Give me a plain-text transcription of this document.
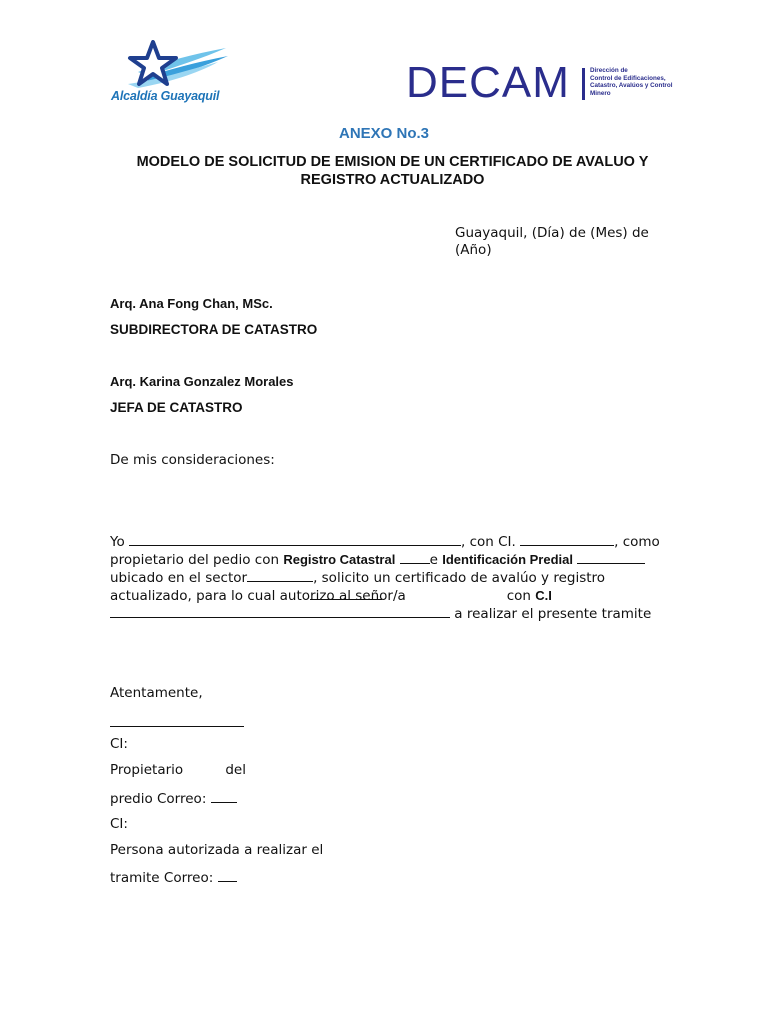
Alcaldía Guayaquil	DECAM	Dirección de
Control de Edificaciones,
Catastro, Avalúos y Control
Minero
ANEXO No.3
MODELO DE SOLICITUD DE EMISION DE UN CERTIFICADO DE AVALUO Y
REGISTRO ACTUALIZADO
Guayaquil, (Día) de (Mes) de
(Año)
Arq. Ana Fong Chan, MSc.
SUBDIRECTORA DE CATASTRO
Arq. Karina Gonzalez Morales
JEFA DE CATASTRO
De mis consideraciones:
Yo	, con CI.	, como
propietario del pedio con Registro Catastral	e Identificación Predial
ubicado en el sector	, solicito un certificado de avalúo y registro
actualizado, para lo cual autorizo al señor/a	con C.I
a realizar el presente tramite
Atentamente,
CI:
Propietario	del
predio Correo:
CI:
Persona autorizada a realizar el
tramite Correo:
